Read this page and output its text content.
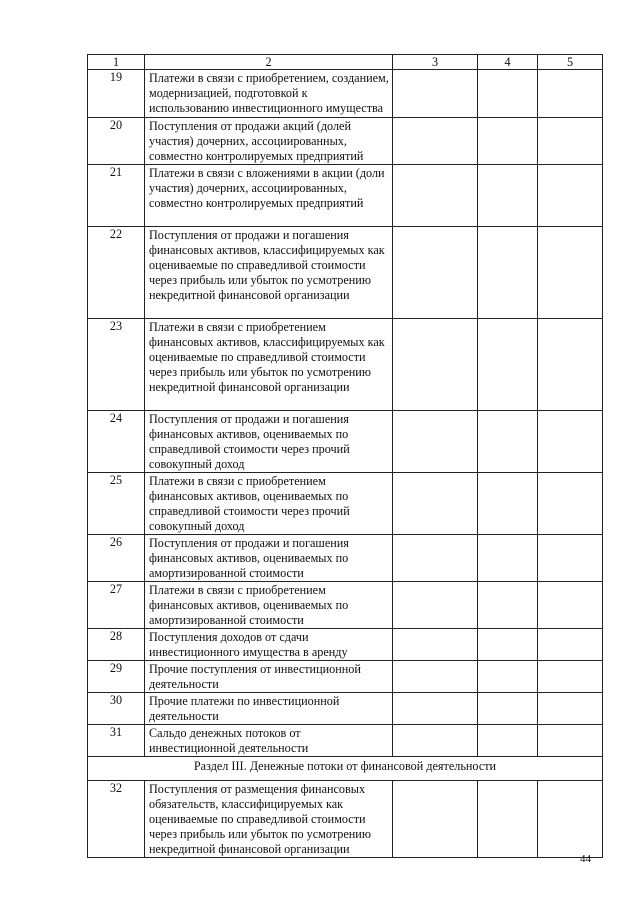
1	2	3	4	5
19	Платежи в связи с приобретением, созданием, модернизацией, подготовкой к использованию инвестиционного имущества			
20	Поступления от продажи акций (долей участия) дочерних, ассоциированных, совместно контролируемых предприятий			
21	Платежи в связи с вложениями в акции (доли участия) дочерних, ассоциированных, совместно контролируемых предприятий			
22	Поступления от продажи и погашения финансовых активов, классифицируемых как оцениваемые по справедливой стоимости через прибыль или убыток по усмотрению некредитной финансовой организации			
23	Платежи в связи с приобретением финансовых активов, классифицируемых как оцениваемые по справедливой стоимости через прибыль или убыток по усмотрению некредитной финансовой организации			
24	Поступления от продажи и погашения финансовых активов, оцениваемых по справедливой стоимости через прочий совокупный доход			
25	Платежи в связи с приобретением финансовых активов, оцениваемых по справедливой стоимости через прочий совокупный доход			
26	Поступления от продажи и погашения финансовых активов, оцениваемых по амортизированной стоимости			
27	Платежи в связи с приобретением финансовых активов, оцениваемых по амортизированной стоимости			
28	Поступления доходов от сдачи инвестиционного имущества в аренду			
29	Прочие поступления от инвестиционной деятельности			
30	Прочие платежи по инвестиционной деятельности			
31	Сальдо денежных потоков от инвестиционной деятельности			
Раздел III. Денежные потоки от финансовой деятельности				
32	Поступления от размещения финансовых обязательств, классифицируемых как оцениваемые по справедливой стоимости через прибыль или убыток по усмотрению некредитной финансовой организации			
44
